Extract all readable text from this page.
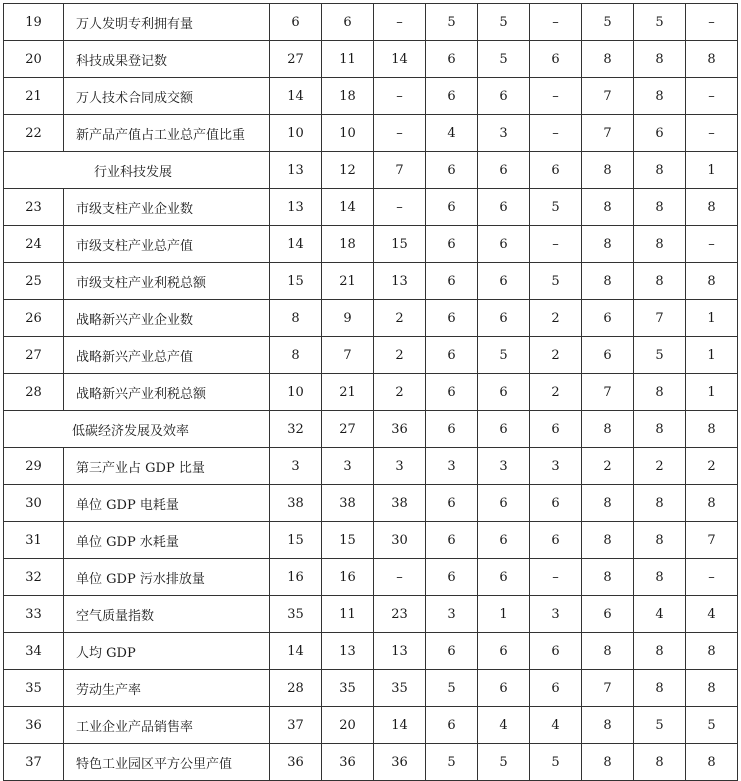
19	万人发明专利拥有量	6	6	–	5	5	–	5	5	–
20	科技成果登记数	27	11	14	6	5	6	8	8	8
21	万人技术合同成交额	14	18	–	6	6	–	7	8	–
22	新产品产值占工业总产值比重	10	10	–	4	3	–	7	6	–
行业科技发展		13	12	7	6	6	6	8	8	1
23	市级支柱产业企业数	13	14	–	6	6	5	8	8	8
24	市级支柱产业总产值	14	18	15	6	6	–	8	8	–
25	市级支柱产业利税总额	15	21	13	6	6	5	8	8	8
26	战略新兴产业企业数	8	9	2	6	6	2	6	7	1
27	战略新兴产业总产值	8	7	2	6	5	2	6	5	1
28	战略新兴产业利税总额	10	21	2	6	6	2	7	8	1
低碳经济发展及效率		32	27	36	6	6	6	8	8	8
29	第三产业占 GDP 比量	3	3	3	3	3	3	2	2	2
30	单位 GDP 电耗量	38	38	38	6	6	6	8	8	8
31	单位 GDP 水耗量	15	15	30	6	6	6	8	8	7
32	单位 GDP 污水排放量	16	16	–	6	6	–	8	8	–
33	空气质量指数	35	11	23	3	1	3	6	4	4
34	人均 GDP	14	13	13	6	6	6	8	8	8
35	劳动生产率	28	35	35	5	6	6	7	8	8
36	工业企业产品销售率	37	20	14	6	4	4	8	5	5
37	特色工业园区平方公里产值	36	36	36	5	5	5	8	8	8
